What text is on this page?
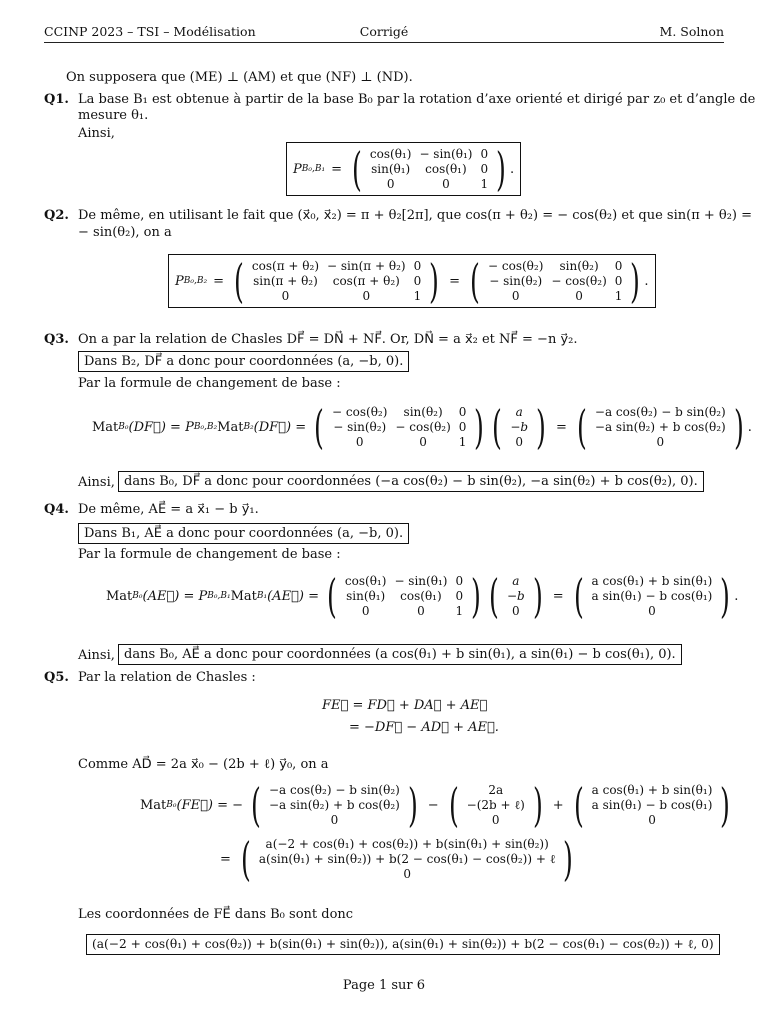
CCINP 2023 – TSI – Modélisation	Corrigé	M. Solnon
On supposera que (ME) ⊥ (AM) et que (NF) ⊥ (ND).
Q1. La base B₁ est obtenue à partir de la base B₀ par la rotation d’axe orienté et dirigé par z₀ et d’angle de
mesure θ₁.
Ainsi,
P B₀,B₁ = ( cos(θ₁)	− sin(θ₁)	0
sin(θ₁)	cos(θ₁)	0
0	0	1 ) .
Q2. De même, en utilisant le fait que (x⃗₀, x⃗₂) = π + θ₂[2π], que cos(π + θ₂) = − cos(θ₂) et que sin(π + θ₂) =
− sin(θ₂), on a
P B₀,B₂ = ( cos(π + θ₂)	− sin(π + θ₂)	0
sin(π + θ₂)	cos(π + θ₂)	0
0	0	1 ) = ( − cos(θ₂)	sin(θ₂)	0
− sin(θ₂)	− cos(θ₂)	0
0	0	1 ) .
Q3. On a par la relation de Chasles DF⃗ = DN⃗ + NF⃗. Or, DN⃗ = a x⃗₂ et NF⃗ = −n y⃗₂.
Dans B₂, DF⃗ a donc pour coordonnées (a, −b, 0).
Par la formule de changement de base :
Mat B₀ (DF⃗) = P B₀,B₂ Mat B₂ (DF⃗) = ( − cos(θ₂)	sin(θ₂)	0
− sin(θ₂)	− cos(θ₂)	0
0	0	1 ) ( a
−b
0 ) = ( −a cos(θ₂) − b sin(θ₂)
−a sin(θ₂) + b cos(θ₂)
0 ) .
Ainsi, dans B₀, DF⃗ a donc pour coordonnées (−a cos(θ₂) − b sin(θ₂), −a sin(θ₂) + b cos(θ₂), 0).
Q4. De même, AE⃗ = a x⃗₁ − b y⃗₁.
Dans B₁, AE⃗ a donc pour coordonnées (a, −b, 0).
Par la formule de changement de base :
Mat B₀ (AE⃗) = P B₀,B₁ Mat B₁ (AE⃗) = ( cos(θ₁)	− sin(θ₁)	0
sin(θ₁)	cos(θ₁)	0
0	0	1 ) ( a
−b
0 ) = ( a cos(θ₁) + b sin(θ₁)
a sin(θ₁) − b cos(θ₁)
0 ) .
Ainsi, dans B₀, AE⃗ a donc pour coordonnées (a cos(θ₁) + b sin(θ₁), a sin(θ₁) − b cos(θ₁), 0).
Q5. Par la relation de Chasles :
FE⃗ = FD⃗ + DA⃗ + AE⃗
= −DF⃗ − AD⃗ + AE⃗.
Comme AD⃗ = 2a x⃗₀ − (2b + ℓ) y⃗₀, on a
Mat B₀ (FE⃗) = − ( −a cos(θ₂) − b sin(θ₂)
−a sin(θ₂) + b cos(θ₂)
0 ) − ( 2a
−(2b + ℓ)
0 ) + ( a cos(θ₁) + b sin(θ₁)
a sin(θ₁) − b cos(θ₁)
0 )
= ( a(−2 + cos(θ₁) + cos(θ₂)) + b(sin(θ₁) + sin(θ₂))
a(sin(θ₁) + sin(θ₂)) + b(2 − cos(θ₁) − cos(θ₂)) + ℓ
0	)
Les coordonnées de FE⃗ dans B₀ sont donc
(a(−2 + cos(θ₁) + cos(θ₂)) + b(sin(θ₁) + sin(θ₂)), a(sin(θ₁) + sin(θ₂)) + b(2 − cos(θ₁) − cos(θ₂)) + ℓ, 0)
Page 1 sur 6
